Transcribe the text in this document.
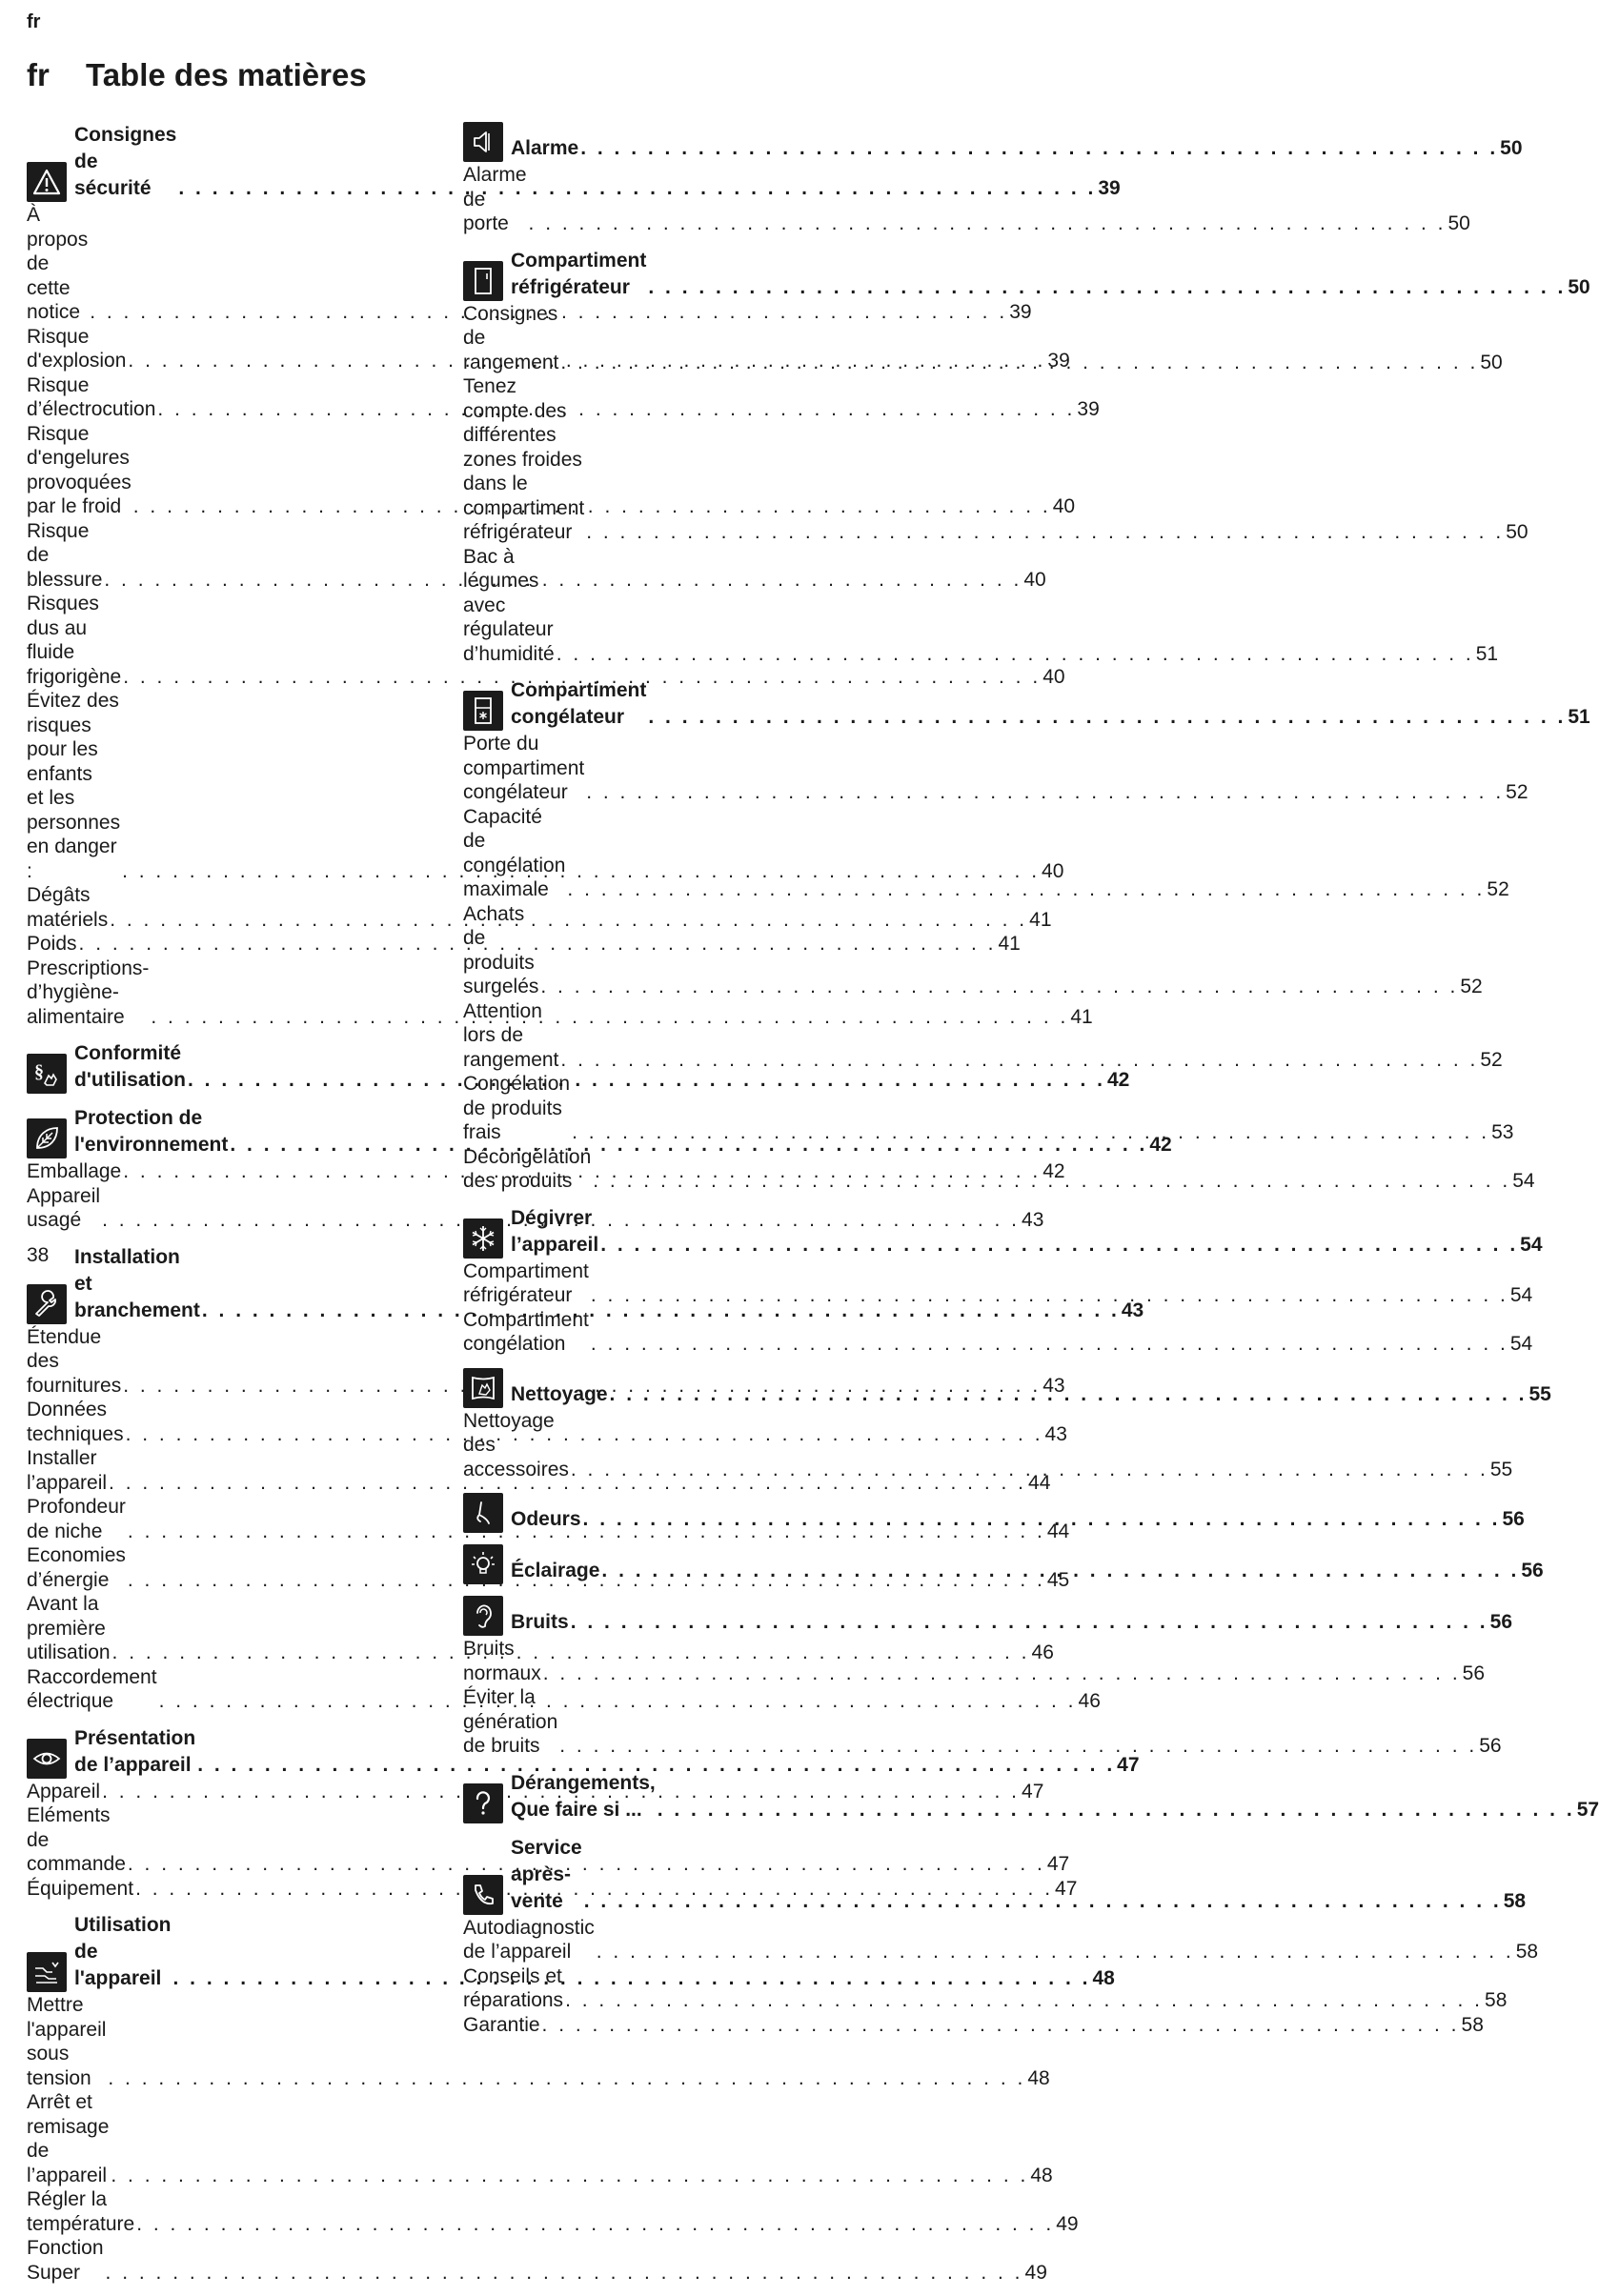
fr
fr Table des matières
Consignes de sécurité . . .	39
À propos de cette notice . . .	39
Risque d'explosion . . .	39
Risque d’électrocution . . .	39
Risque d'engelures provoquées
par le froid . . .	40
Risque de blessure . . .	40
Risques dus au fluide frigorigène . . .	40
Évitez des risques pour les enfants
et les personnes en danger : . . .	40
Dégâts matériels . . .	41
Poids . . .	41
Prescriptions-d’hygiène-alimentaire . . .	41
§
Conformité d'utilisation . . .	42
Protection de
l'environnement . . .	42
Emballage . . .	42
Appareil usagé . . .	43
Installation et branchement . . .	43
Étendue des fournitures . . .	43
Données techniques . . .	43
Installer l’appareil . . .	44
Profondeur de niche . . .	44
Economies d’énergie . . .	45
Avant la première utilisation . . .	46
Raccordement électrique . . .	46
Présentation de l’appareil . . .	47
Appareil . . .	47
Eléments de commande . . .	47
Équipement . . .	47
Utilisation de l'appareil . . .	48
Mettre l'appareil sous tension . . .	48
Arrêt et remisage de l’appareil . . .	48
Régler la température . . .	49
Fonction Super . . .	49
Alarme . . .	50
Alarme de porte . . .	50
Compartiment réfrigérateur . . .	50
Consignes de rangement . . .	50
Tenez compte des différentes
zones froides dans le
compartiment réfrigérateur . . .	50
Bac à légumes avec régulateur
d’humidité . . .	51
Compartiment congélateur . . .	51
Porte du compartiment
congélateur . . .	52
Capacité de congélation maximale . . .	52
Achats de produits surgelés . . .	52
Attention lors de rangement . . .	52
Congélation de produits frais . . .	53
Décongélation des produits . . .	54
Dégivrer l’appareil . . .	54
Compartiment réfrigérateur . . .	54
Compartiment congélation . . .	54
Nettoyage . . .	55
Nettoyage des accessoires . . .	55
Odeurs . . .	56
Éclairage . . .	56
Bruits . . .	56
Bruits normaux . . .	56
Éviter la génération de bruits . . .	56
Dérangements, Que faire si ... . . .	57
Service après-vente . . .	58
Autodiagnostic de l’appareil . . .	58
Conseils et réparations . . .	58
Garantie . . .	58
38
